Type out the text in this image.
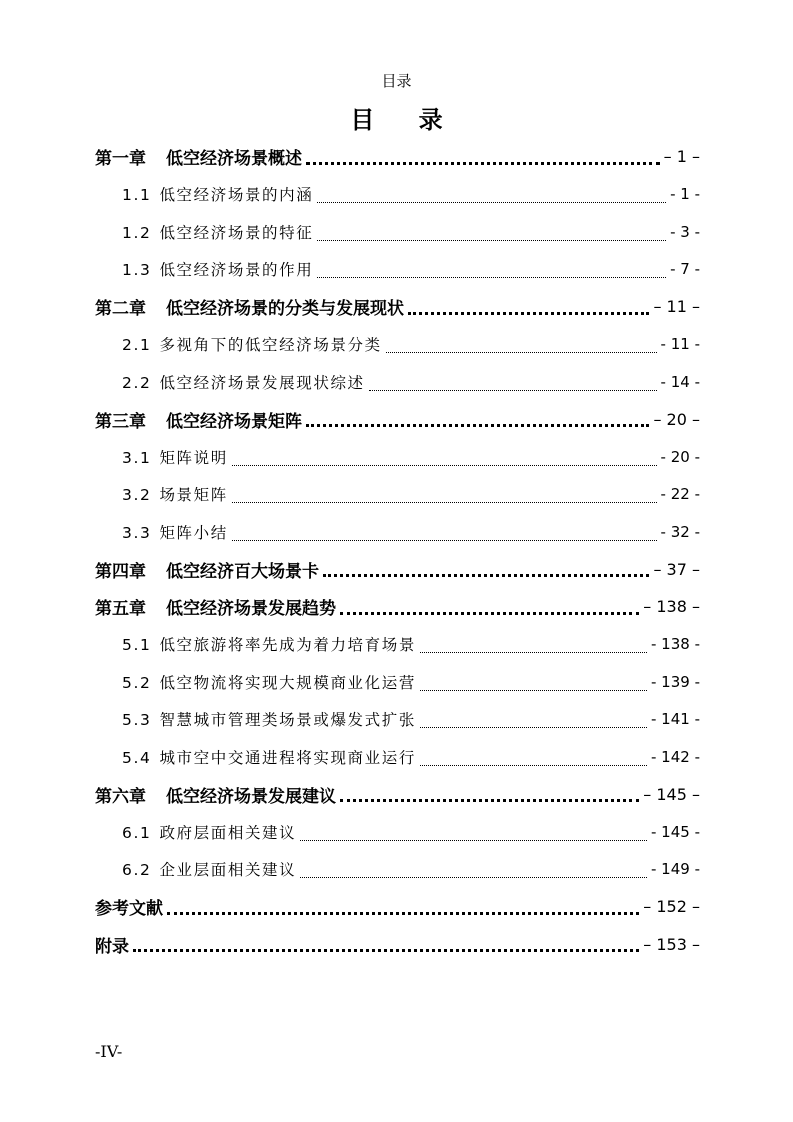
目录
目 录
第一章 低空经济场景概述	– 1 –
1.1 低空经济场景的内涵	- 1 -
1.2 低空经济场景的特征	- 3 -
1.3 低空经济场景的作用	- 7 -
第二章 低空经济场景的分类与发展现状	– 11 –
2.1 多视角下的低空经济场景分类	- 11 -
2.2 低空经济场景发展现状综述	- 14 -
第三章 低空经济场景矩阵	– 20 –
3.1 矩阵说明	- 20 -
3.2 场景矩阵	- 22 -
3.3 矩阵小结	- 32 -
第四章 低空经济百大场景卡	– 37 –
第五章 低空经济场景发展趋势	– 138 –
5.1 低空旅游将率先成为着力培育场景	- 138 -
5.2 低空物流将实现大规模商业化运营	- 139 -
5.3 智慧城市管理类场景或爆发式扩张	- 141 -
5.4 城市空中交通进程将实现商业运行	- 142 -
第六章 低空经济场景发展建议	– 145 –
6.1 政府层面相关建议	- 145 -
6.2 企业层面相关建议	- 149 -
参考文献	– 152 –
附录	– 153 –
-IV-
